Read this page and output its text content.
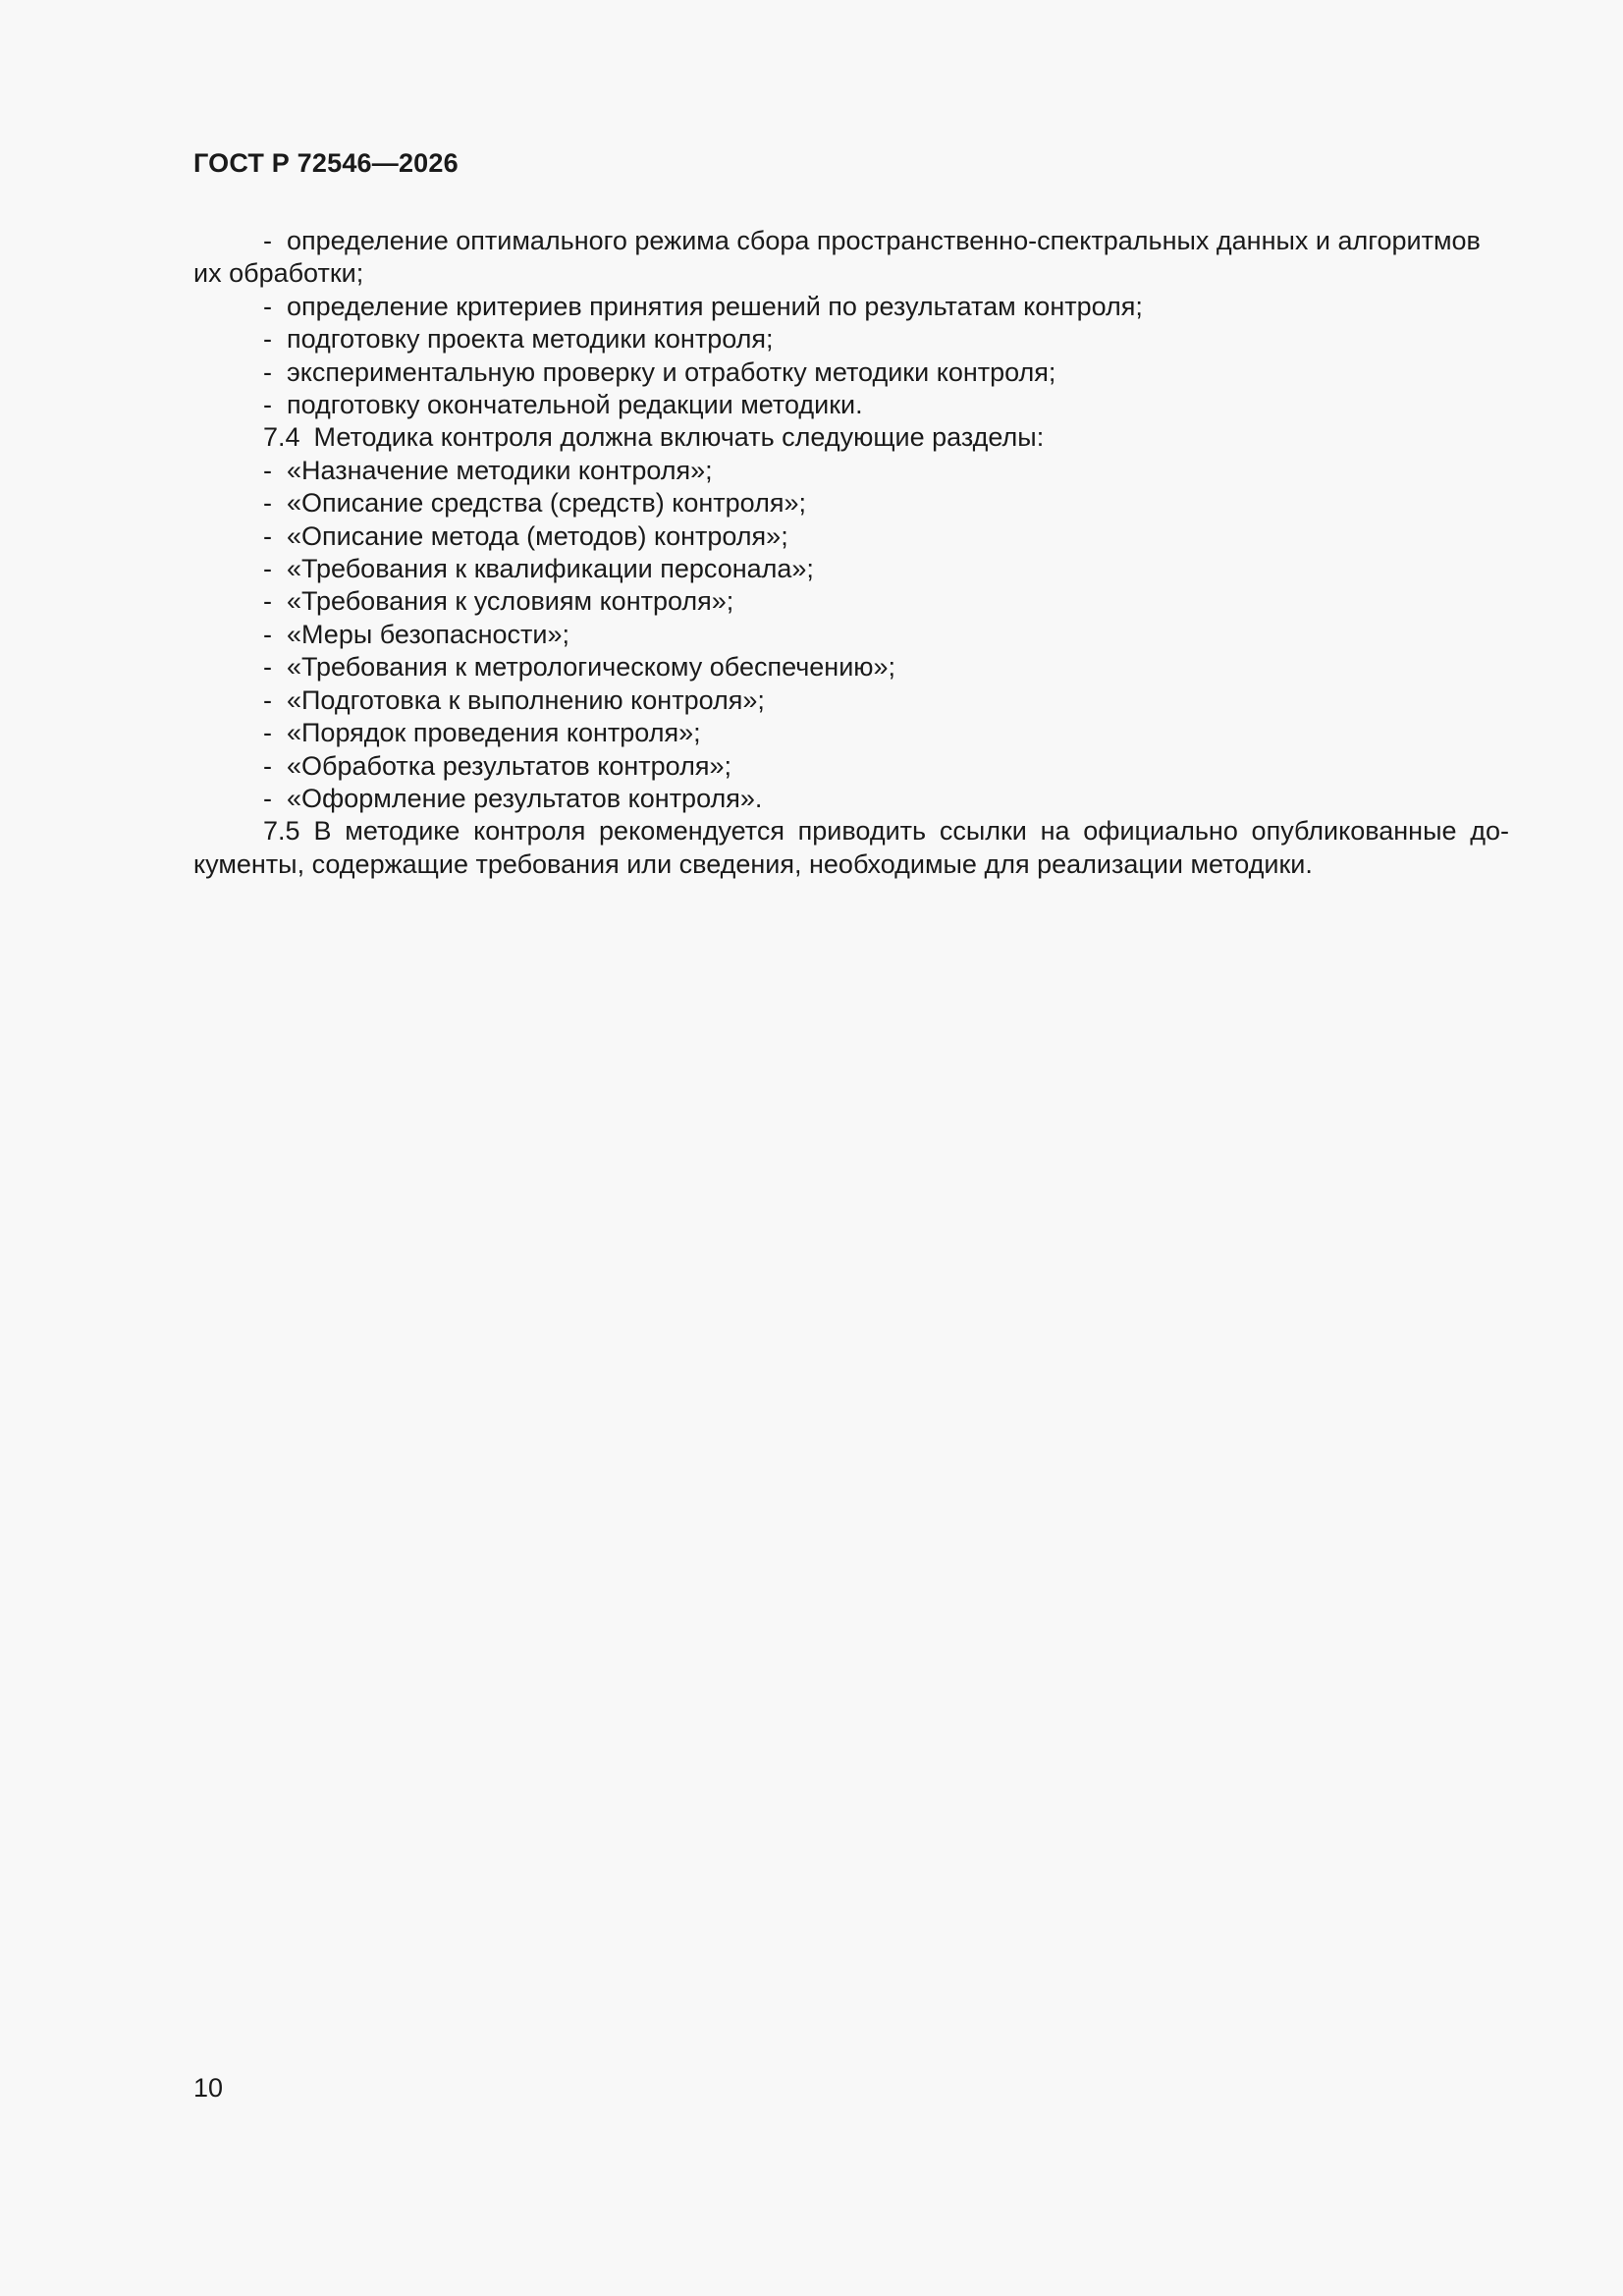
ГОСТ Р 72546—2026
- определение оптимального режима сбора пространственно-спектральных данных и алгоритмов
их обработки;
- определение критериев принятия решений по результатам контроля;
- подготовку проекта методики контроля;
- экспериментальную проверку и отработку методики контроля;
- подготовку окончательной редакции методики.
7.4 Методика контроля должна включать следующие разделы:
- «Назначение методики контроля»;
- «Описание средства (средств) контроля»;
- «Описание метода (методов) контроля»;
- «Требования к квалификации персонала»;
- «Требования к условиям контроля»;
- «Меры безопасности»;
- «Требования к метрологическому обеспечению»;
- «Подготовка к выполнению контроля»;
- «Порядок проведения контроля»;
- «Обработка результатов контроля»;
- «Оформление результатов контроля».
7.5 В методике контроля рекомендуется приводить ссылки на официально опубликованные до-
кументы, содержащие требования или сведения, необходимые для реализации методики.
10
